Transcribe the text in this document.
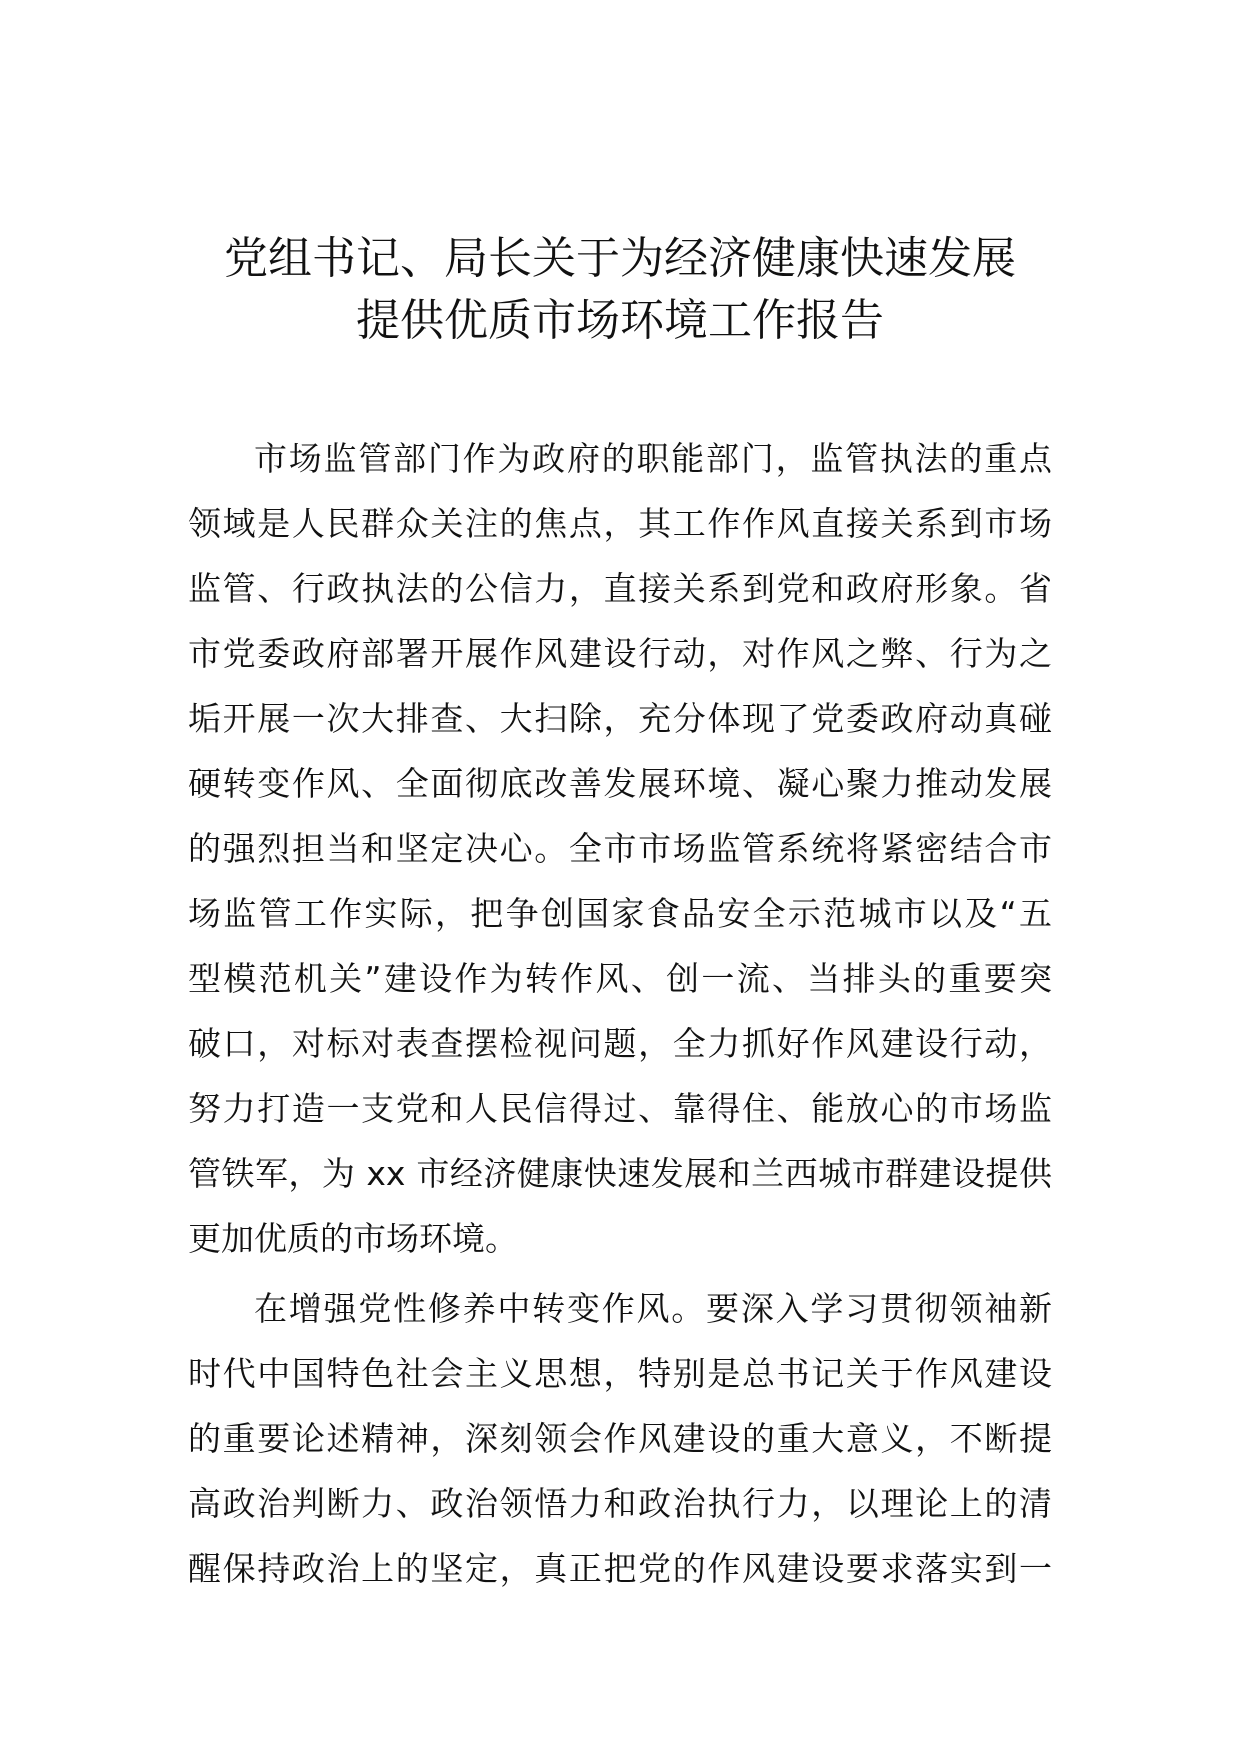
党组书记、局长关于为经济健康快速发展
提供优质市场环境工作报告
市场监管部门作为政府的职能部门，监管执法的重点
领域是人民群众关注的焦点，其工作作风直接关系到市场
监管、行政执法的公信力，直接关系到党和政府形象。省
市党委政府部署开展作风建设行动，对作风之弊、行为之
垢开展一次大排查、大扫除，充分体现了党委政府动真碰
硬转变作风、全面彻底改善发展环境、凝心聚力推动发展
的强烈担当和坚定决心。全市市场监管系统将紧密结合市
场监管工作实际，把争创国家食品安全示范城市以及“五
型模范机关”建设作为转作风、创一流、当排头的重要突
破口，对标对表查摆检视问题，全力抓好作风建设行动，
努力打造一支党和人民信得过、靠得住、能放心的市场监
管铁军，为 xx 市经济健康快速发展和兰西城市群建设提供
更加优质的市场环境。
在增强党性修养中转变作风。要深入学习贯彻领袖新
时代中国特色社会主义思想，特别是总书记关于作风建设
的重要论述精神，深刻领会作风建设的重大意义，不断提
高政治判断力、政治领悟力和政治执行力，以理论上的清
醒保持政治上的坚定，真正把党的作风建设要求落实到一
